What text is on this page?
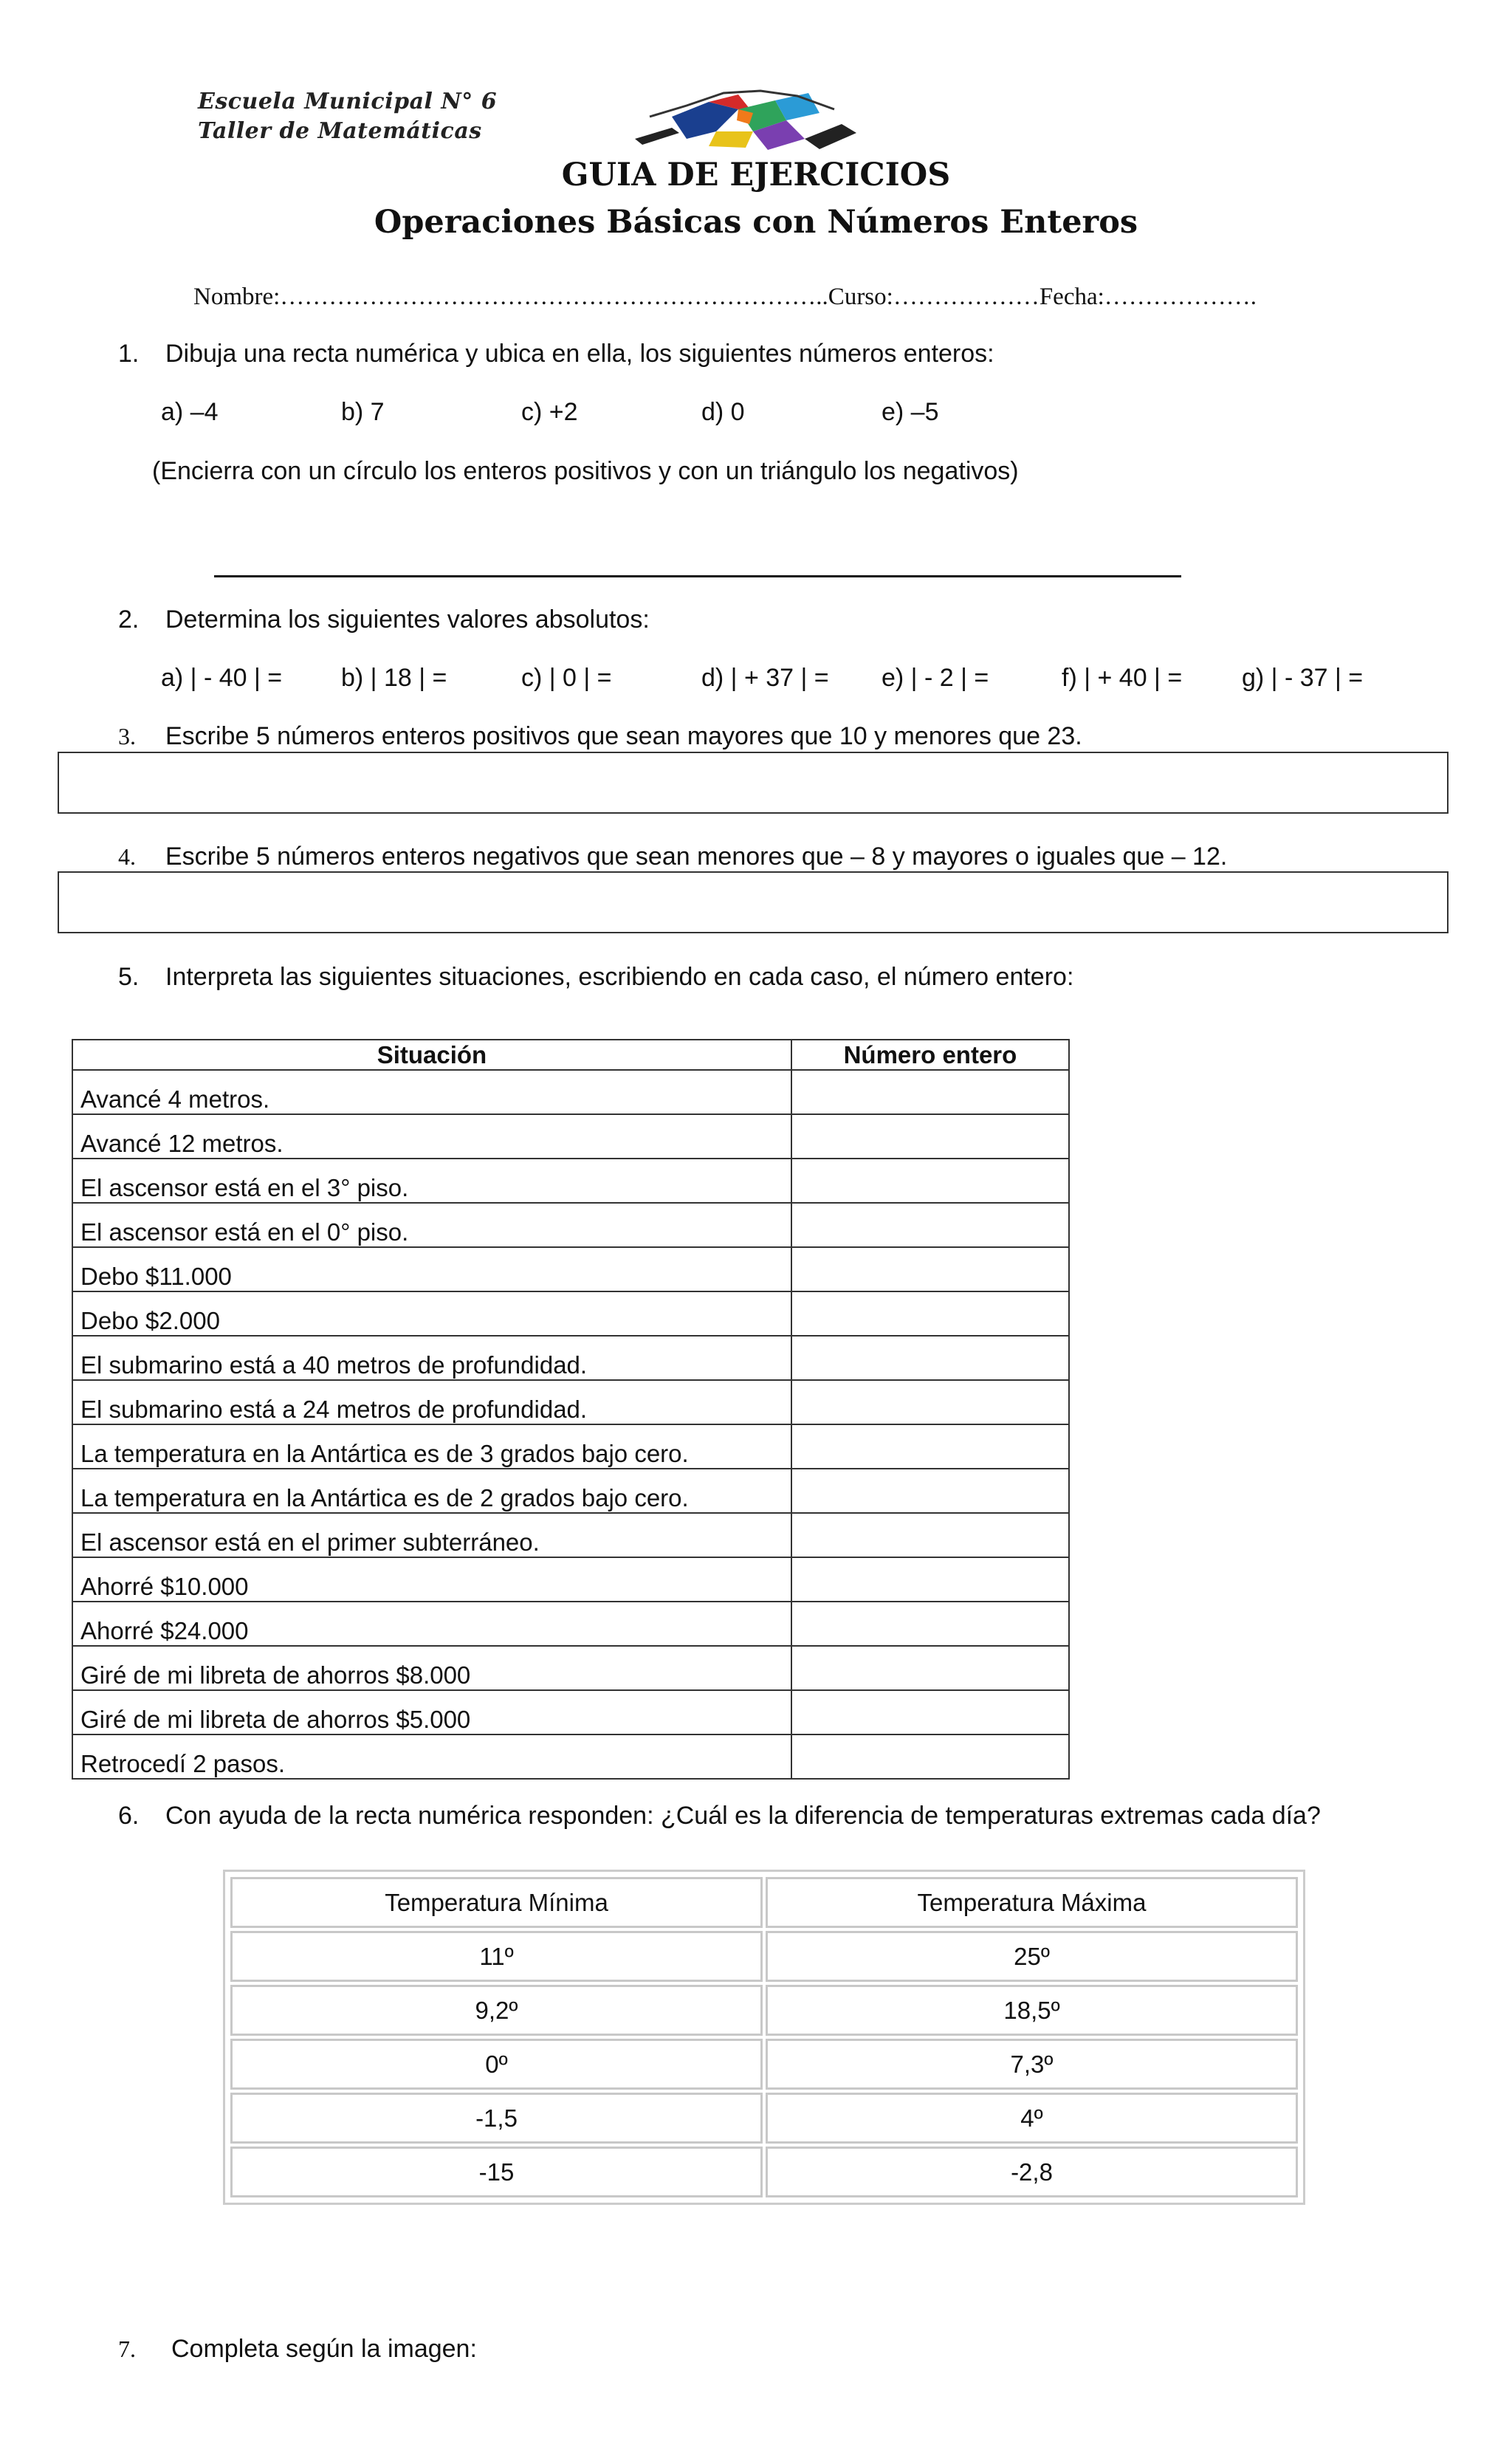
Escuela Municipal N° 6
Taller de Matemáticas
GUIA DE EJERCICIOS
Operaciones Básicas con Números Enteros
Nombre:…………………………………………………………..Curso:………………Fecha:……………….
1. Dibuja una recta numérica y ubica en ella, los siguientes números enteros:
a) –4	b) 7	c) +2	d) 0	e) –5
(Encierra con un círculo los enteros positivos y con un triángulo los negativos)
2. Determina los siguientes valores absolutos:
a) | - 40 | = b) | 18 | =	c) | 0 | =	d) | + 37 | = e) | - 2 | =	f) | + 40 | = g) | - 37 | =
3. Escribe 5 números enteros positivos que sean mayores que 10 y menores que 23.
4. Escribe 5 números enteros negativos que sean menores que – 8 y mayores o iguales que – 12.
5. Interpreta las siguientes situaciones, escribiendo en cada caso, el número entero:
Situación	Número entero
Avancé 4 metros.	
Avancé 12 metros.	
El ascensor está en el 3° piso.	
El ascensor está en el 0° piso.	
Debo $11.000	
Debo $2.000	
El submarino está a 40 metros de profundidad.	
El submarino está a 24 metros de profundidad.	
La temperatura en la Antártica es de 3 grados bajo cero.	
La temperatura en la Antártica es de 2 grados bajo cero.	
El ascensor está en el primer subterráneo.	
Ahorré $10.000	
Ahorré $24.000	
Giré de mi libreta de ahorros $8.000	
Giré de mi libreta de ahorros $5.000	
Retrocedí 2 pasos.	
6. Con ayuda de la recta numérica responden: ¿Cuál es la diferencia de temperaturas extremas cada día?
Temperatura Mínima	Temperatura Máxima
11º	25º
9,2º	18,5º
0º	7,3º
-1,5	4º
-15	-2,8
7. Completa según la imagen:
